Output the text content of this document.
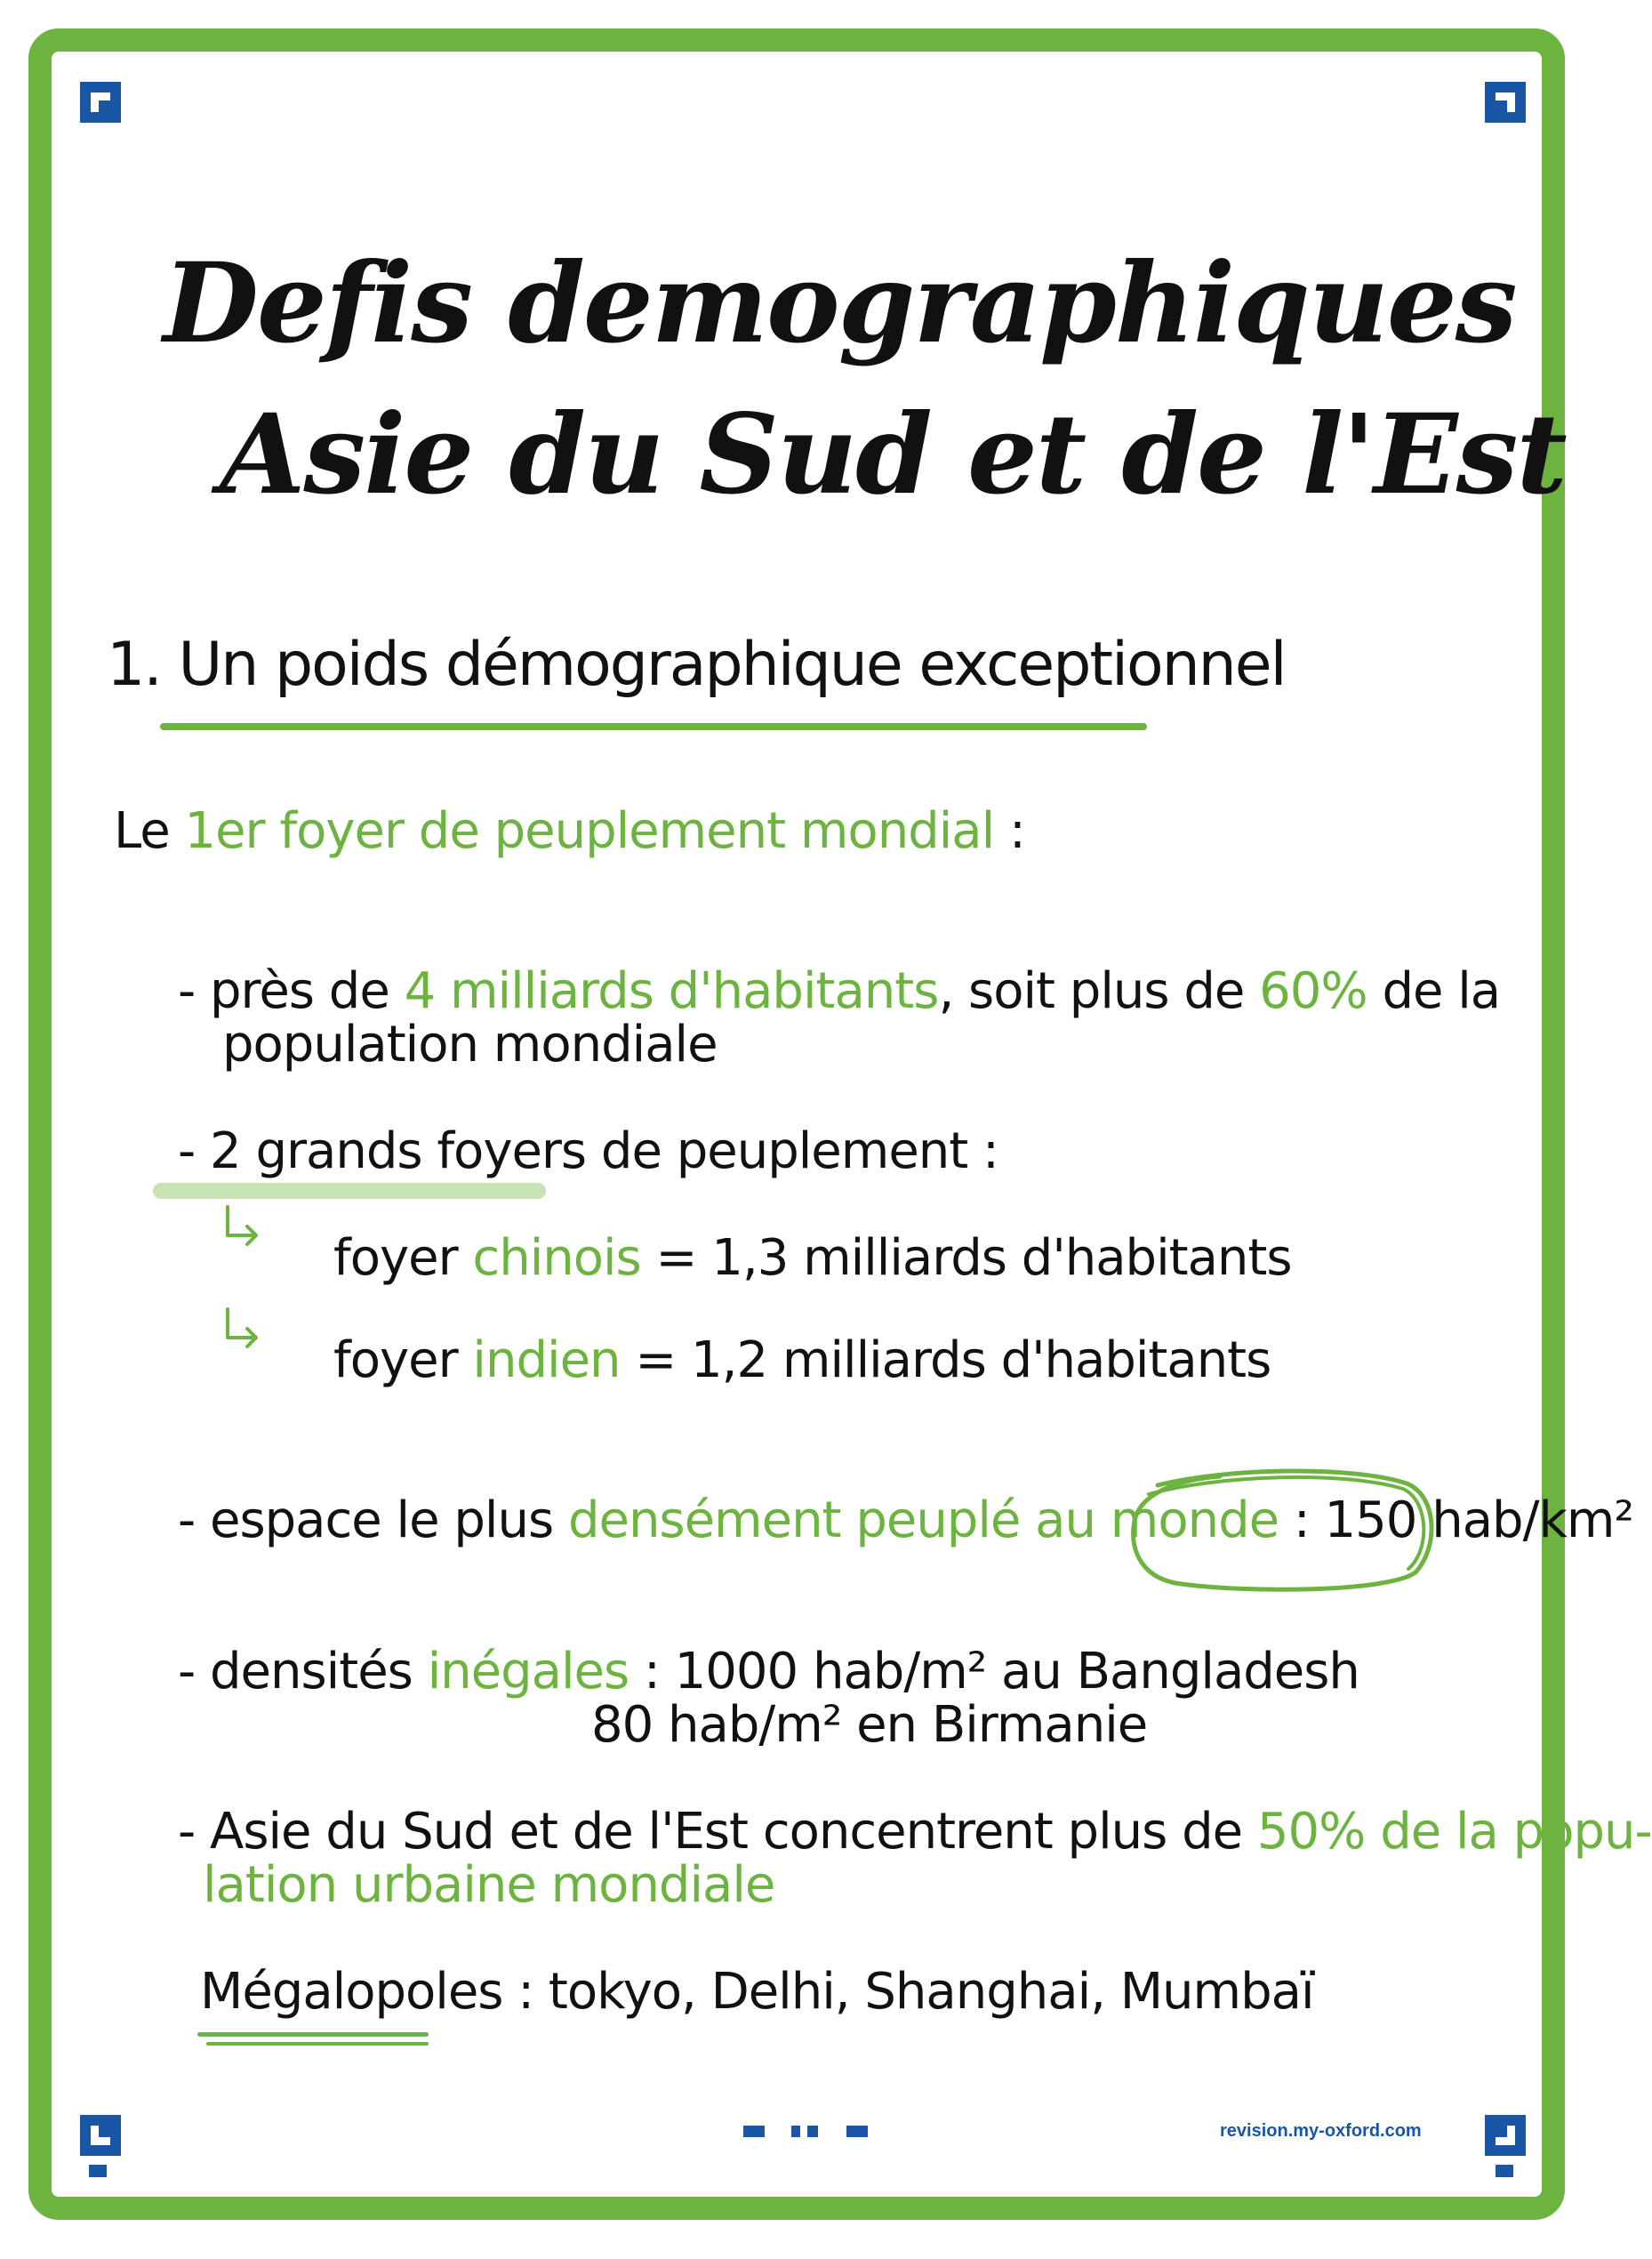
Defis demographiques
Asie du Sud et de l'Est
1. Un poids démographique exceptionnel
Le 1er foyer de peuplement mondial :
- près de 4 milliards d'habitants, soit plus de 60% de la
population mondiale
- 2 grands foyers de peuplement :
foyer chinois = 1,3 milliards d'habitants
foyer indien = 1,2 milliards d'habitants
- espace le plus densément peuplé au monde : 150 hab/km²
- densités inégales : 1000 hab/m² au Bangladesh
80 hab/m² en Birmanie
- Asie du Sud et de l'Est concentrent plus de 50% de la popu-
lation urbaine mondiale
Mégalopoles : tokyo, Delhi, Shanghai, Mumbaï
revision.my-oxford.com
